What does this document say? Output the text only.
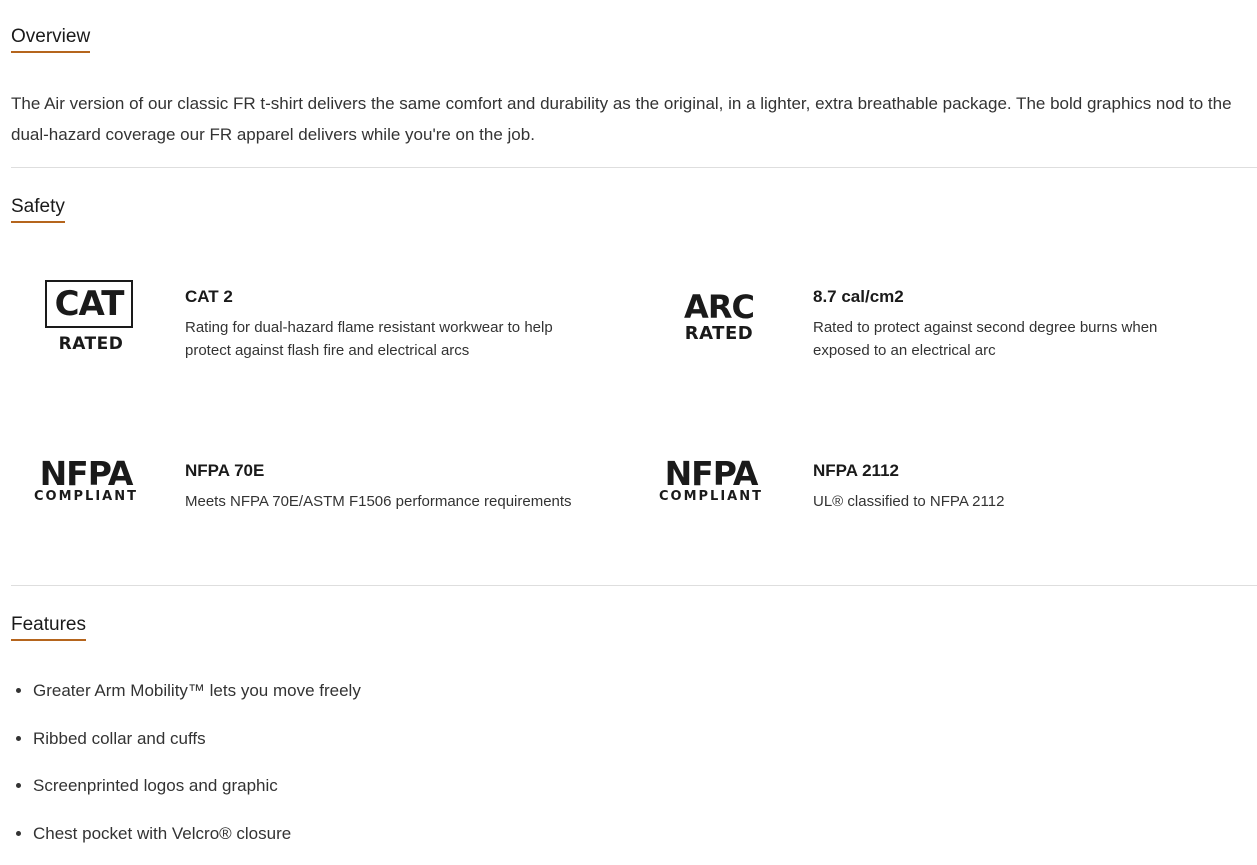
Overview
The Air version of our classic FR t-shirt delivers the same comfort and durability as the original, in a lighter, extra breathable package. The bold graphics nod to the dual-hazard coverage our FR apparel delivers while you're on the job.
Safety
CAT
RATED
CAT 2
Rating for dual-hazard flame resistant workwear to help protect against flash fire and electrical arcs
ARC
RATED
8.7 cal/cm2
Rated to protect against second degree burns when exposed to an electrical arc
NFPA
COMPLIANT
NFPA 70E
Meets NFPA 70E/ASTM F1506 performance requirements
NFPA
COMPLIANT
NFPA 2112
UL® classified to NFPA 2112
Features
• Greater Arm Mobility™ lets you move freely
• Ribbed collar and cuffs
• Screenprinted logos and graphic
• Chest pocket with Velcro® closure
